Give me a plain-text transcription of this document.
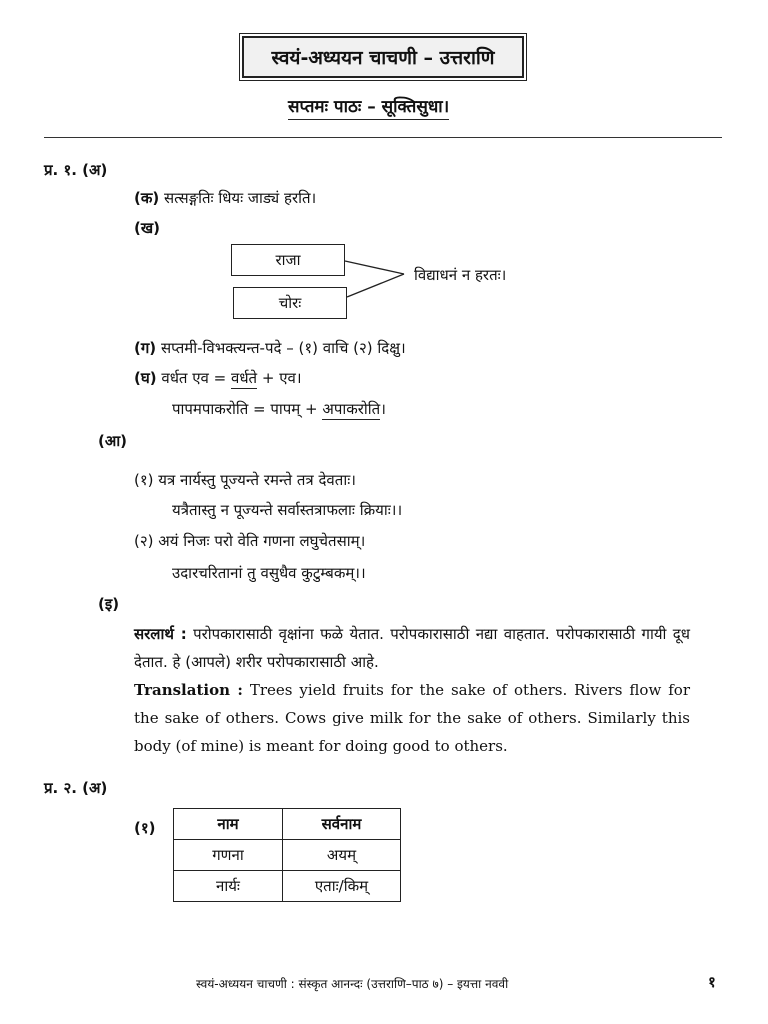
स्वयं-अध्ययन चाचणी – उत्तराणि
सप्तमः पाठः – सूक्तिसुधा।
प्र. १. (अ)
(क) सत्सङ्गतिः धियः जाड्यं हरति।
(ख)
राजा
चोरः
विद्याधनं न हरतः।
(ग) सप्तमी-विभक्त्यन्त-पदे – (१) वाचि (२) दिक्षु।
(घ) वर्धत एव = वर्धते + एव।
पापमपाकरोति = पापम् + अपाकरोति।
(आ)
(१) यत्र नार्यस्तु पूज्यन्ते रमन्ते तत्र देवताः।
यत्रैतास्तु न पूज्यन्ते सर्वास्तत्राफलाः क्रियाः।।
(२) अयं निजः परो वेति गणना लघुचेतसाम्।
उदारचरितानां तु वसुधैव कुटुम्बकम्।।
(इ)
सरलार्थ : परोपकारासाठी वृक्षांना फळे येतात. परोपकारासाठी नद्या वाहतात. परोपकारासाठी गायी दूध देतात. हे (आपले) शरीर परोपकारासाठी आहे.
Translation : Trees yield fruits for the sake of others. Rivers flow for the sake of others. Cows give milk for the sake of others. Similarly this body (of mine) is meant for doing good to others.
प्र. २. (अ)
(१)	नाम	सर्वनाम
गणना	अयम्
नार्यः	एताः/किम्
स्वयं-अध्ययन चाचणी : संस्कृत आनन्दः (उत्तराणि–पाठ ७) – इयत्ता नववी	१
